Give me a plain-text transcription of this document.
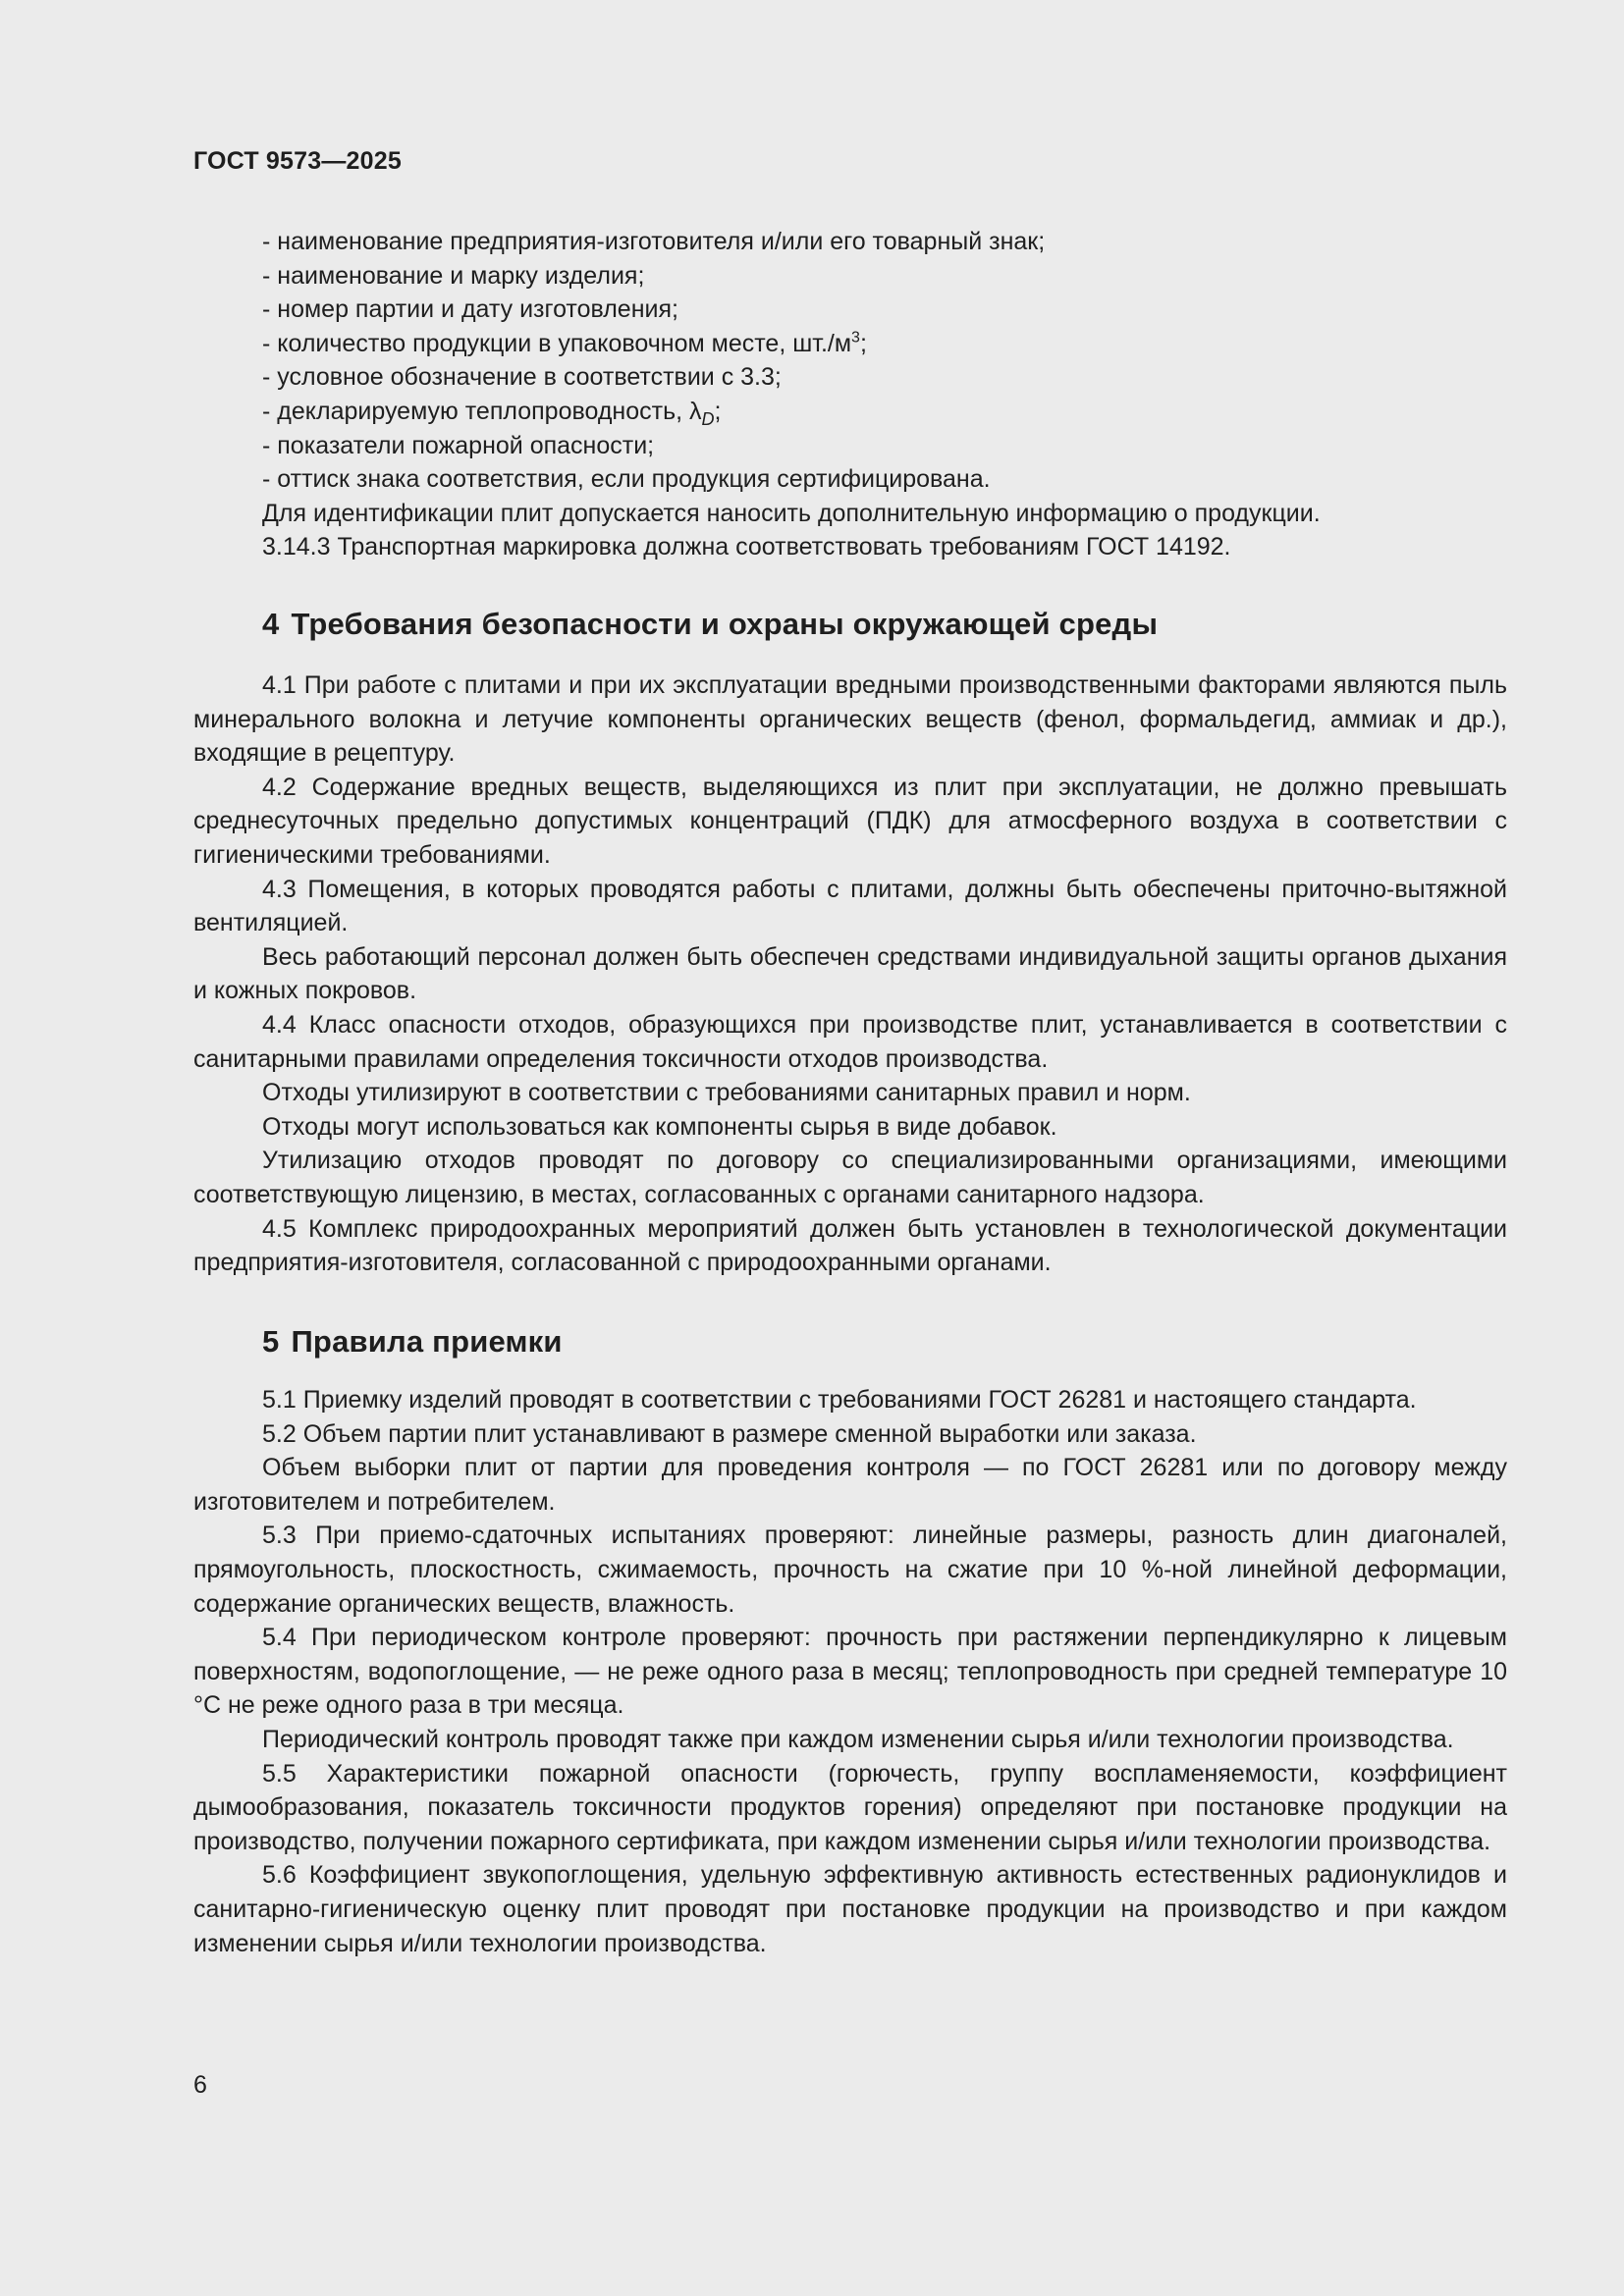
ГОСТ 9573—2025

- наименование предприятия-изготовителя и/или его товарный знак;

- наименование и марку изделия;

- номер партии и дату изготовления;

- количество продукции в упаковочном месте, $шт./м^3$;

- условное обозначение в соответствии с 3.3;

- декларируемую теплопроводность, $\lambda_D$;

- показатели пожарной опасности;

- оттиск знака соответствия, если продукция сертифицирована.

Для идентификации плит допускается наносить дополнительную информацию о продукции.

3.14.3 Транспортная маркировка должна соответствовать требованиям ГОСТ 14192.

4 Требования безопасности и охраны окружающей среды

4.1 При работе с плитами и при их эксплуатации вредными производственными факторами являются пыль минерального волокна и летучие компоненты органических веществ (фенол, формальдегид, аммиак и др.), входящие в рецептуру.

4.2 Содержание вредных веществ, выделяющихся из плит при эксплуатации, не должно превышать среднесуточных предельно допустимых концентраций (ПДК) для атмосферного воздуха в соответствии с гигиеническими требованиями.

4.3 Помещения, в которых проводятся работы с плитами, должны быть обеспечены приточно-вытяжной вентиляцией.

Весь работающий персонал должен быть обеспечен средствами индивидуальной защиты органов дыхания и кожных покровов.

4.4 Класс опасности отходов, образующихся при производстве плит, устанавливается в соответствии с санитарными правилами определения токсичности отходов производства.

Отходы утилизируют в соответствии с требованиями санитарных правил и норм.

Отходы могут использоваться как компоненты сырья в виде добавок.

Утилизацию отходов проводят по договору со специализированными организациями, имеющими соответствующую лицензию, в местах, согласованных с органами санитарного надзора.

4.5 Комплекс природоохранных мероприятий должен быть установлен в технологической документации предприятия-изготовителя, согласованной с природоохранными органами.

5 Правила приемки

5.1 Приемку изделий проводят в соответствии с требованиями ГОСТ 26281 и настоящего стандарта.

5.2 Объем партии плит устанавливают в размере сменной выработки или заказа.

Объем выборки плит от партии для проведения контроля — по ГОСТ 26281 или по договору между изготовителем и потребителем.

5.3 При приемо-сдаточных испытаниях проверяют: линейные размеры, разность длин диагоналей, прямоугольность, плоскостность, сжимаемость, прочность на сжатие при 10 %-ной линейной деформации, содержание органических веществ, влажность.

5.4 При периодическом контроле проверяют: прочность при растяжении перпендикулярно к лицевым поверхностям, водопоглощение, — не реже одного раза в месяц; теплопроводность при средней температуре 10 °С не реже одного раза в три месяца.

Периодический контроль проводят также при каждом изменении сырья и/или технологии производства.

5.5 Характеристики пожарной опасности (горючесть, группу воспламеняемости, коэффициент дымообразования, показатель токсичности продуктов горения) определяют при постановке продукции на производство, получении пожарного сертификата, при каждом изменении сырья и/или технологии производства.

5.6 Коэффициент звукопоглощения, удельную эффективную активность естественных радионуклидов и санитарно-гигиеническую оценку плит проводят при постановке продукции на производство и при каждом изменении сырья и/или технологии производства.

6
